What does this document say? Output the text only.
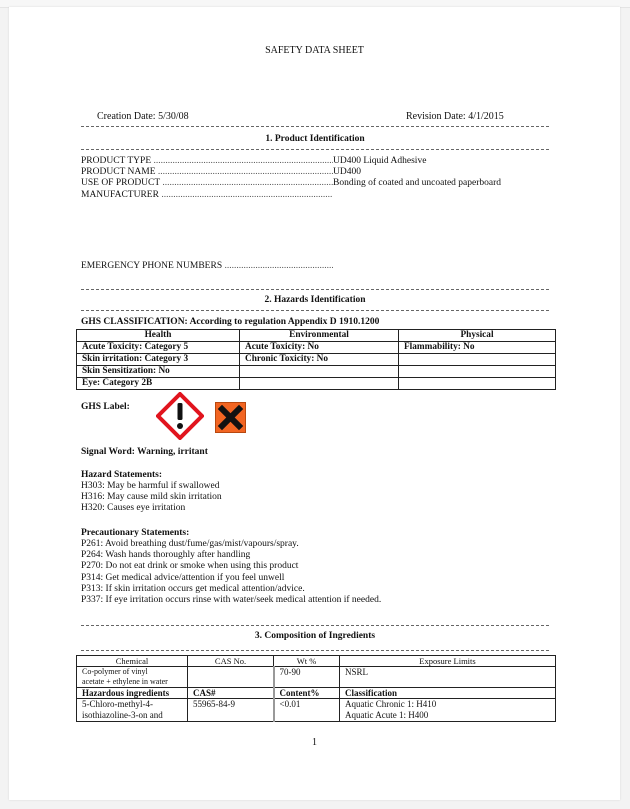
SAFETY DATA SHEET
Creation Date: 5/30/08	Revision Date: 4/1/2015
1. Product Identification
PRODUCT TYPE .....	UD400 Liquid Adhesive
PRODUCT NAME .....	UD400
USE OF PRODUCT .....	Bonding of coated and uncoated paperboard
MANUFACTURER .....
EMERGENCY PHONE NUMBERS .....
2. Hazards Identification
GHS CLASSIFICATION: According to regulation Appendix D 1910.1200
Health	Environmental	Physical
Acute Toxicity: Category 5	Acute Toxicity: No	Flammability: No
Skin irritation: Category 3	Chronic Toxicity: No	
Skin Sensitization: No		
Eye: Category 2B		
GHS Label:
Signal Word: Warning, irritant
Hazard Statements:
H303: May be harmful if swallowed
H316: May cause mild skin irritation
H320: Causes eye irritation
Precautionary Statements:
P261: Avoid breathing dust/fume/gas/mist/vapours/spray.
P264: Wash hands thoroughly after handling
P270: Do not eat drink or smoke when using this product
P314: Get medical advice/attention if you feel unwell
P313: If skin irritation occurs get medical attention/advice.
P337: If eye irritation occurs rinse with water/seek medical attention if needed.
3. Composition of Ingredients
Chemical	CAS No.	Wt %	Exposure Limits

Co-polymer of vinyl
acetate + ethylene in water		70-90	NSRL
Hazardous ingredients	CAS#	Content%	Classification

5-Chloro-methyl-4-
isothiazoline-3-on and
	55965-84-9	<0.01	Aquatic Chronic 1: H410
Aquatic Acute 1: H400
1
